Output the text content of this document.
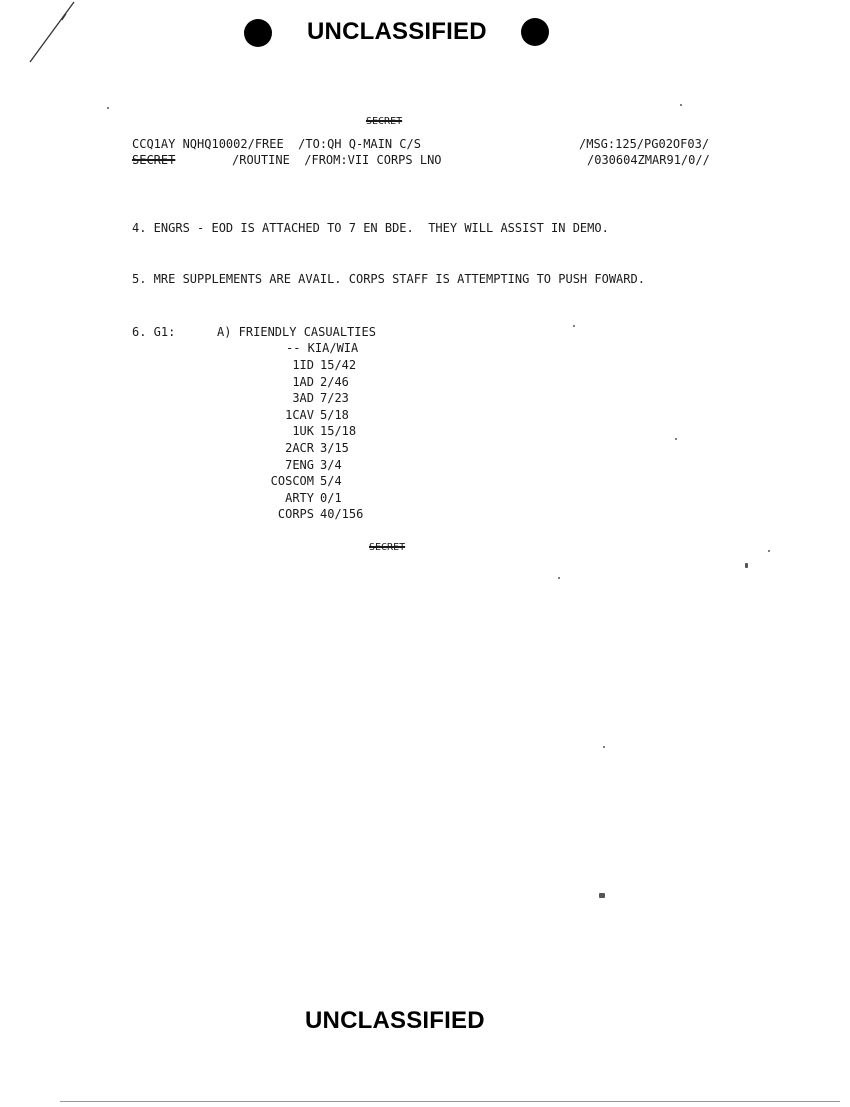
UNCLASSIFIED
SECRET
CCQ1AY NQHQ10002/FREE  /TO:QH Q-MAIN C/S
SECRET	/ROUTINE  /FROM:VII CORPS LNO
/MSG:125/PG02OF03/
/030604ZMAR91/0//
4. ENGRS - EOD IS ATTACHED TO 7 EN BDE.  THEY WILL ASSIST IN DEMO.
5. MRE SUPPLEMENTS ARE AVAIL. CORPS STAFF IS ATTEMPTING TO PUSH FOWARD.
6. G1:	A) FRIENDLY CASUALTIES
-- KIA/WIA
1ID 15/42
1AD 2/46
3AD 7/23
1CAV 5/18
1UK 15/18
2ACR 3/15
7ENG 3/4
COSCOM 5/4
ARTY 0/1
CORPS 40/156
SECRET
UNCLASSIFIED
